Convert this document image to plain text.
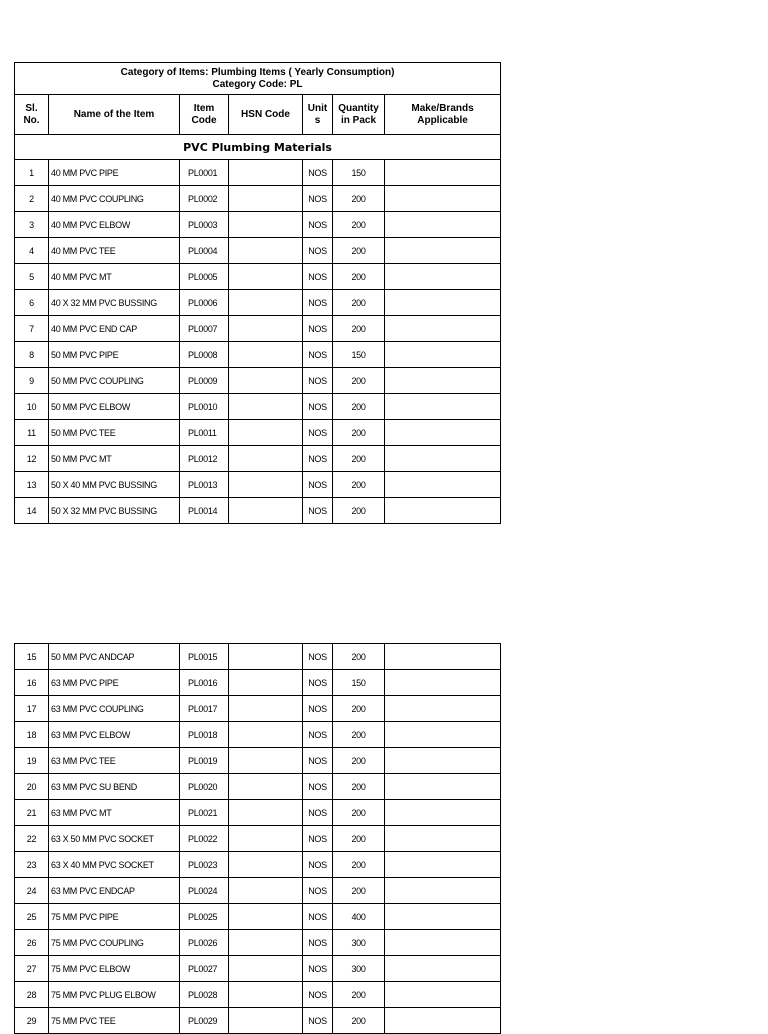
Category of Items: Plumbing Items ( Yearly Consumption)
Category Code: PL						

Sl. No.	Name of the Item	Item Code	HSN Code	Unit s	Quantity in Pack	Make/Brands Applicable
PVC Plumbing Materials						
1	40 MM PVC PIPE	PL0001		NOS	150	
2	40 MM PVC COUPLING	PL0002		NOS	200	
3	40 MM PVC ELBOW	PL0003		NOS	200	
4	40 MM PVC TEE	PL0004		NOS	200	
5	40 MM PVC MT	PL0005		NOS	200	
6	40 X 32 MM PVC BUSSING	PL0006		NOS	200	
7	40 MM PVC END CAP	PL0007		NOS	200	
8	50 MM PVC PIPE	PL0008		NOS	150	
9	50 MM PVC COUPLING	PL0009		NOS	200	
10	50 MM PVC ELBOW	PL0010		NOS	200	
11	50 MM PVC TEE	PL0011		NOS	200	
12	50 MM PVC MT	PL0012		NOS	200	
13	50 X 40 MM PVC BUSSING	PL0013		NOS	200	
14	50 X 32 MM PVC BUSSING	PL0014		NOS	200	
15	50 MM PVC ANDCAP	PL0015		NOS	200	
16	63 MM PVC PIPE	PL0016		NOS	150	
17	63 MM PVC COUPLING	PL0017		NOS	200	
18	63 MM PVC ELBOW	PL0018		NOS	200	
19	63 MM PVC TEE	PL0019		NOS	200	
20	63 MM PVC SU BEND	PL0020		NOS	200	
21	63 MM PVC MT	PL0021		NOS	200	
22	63 X 50 MM PVC SOCKET	PL0022		NOS	200	
23	63 X 40 MM PVC SOCKET	PL0023		NOS	200	
24	63 MM PVC ENDCAP	PL0024		NOS	200	
25	75 MM PVC PIPE	PL0025		NOS	400	
26	75 MM PVC COUPLING	PL0026		NOS	300	
27	75 MM PVC ELBOW	PL0027		NOS	300	
28	75 MM PVC PLUG ELBOW	PL0028		NOS	200	
29	75 MM PVC TEE	PL0029		NOS	200	
